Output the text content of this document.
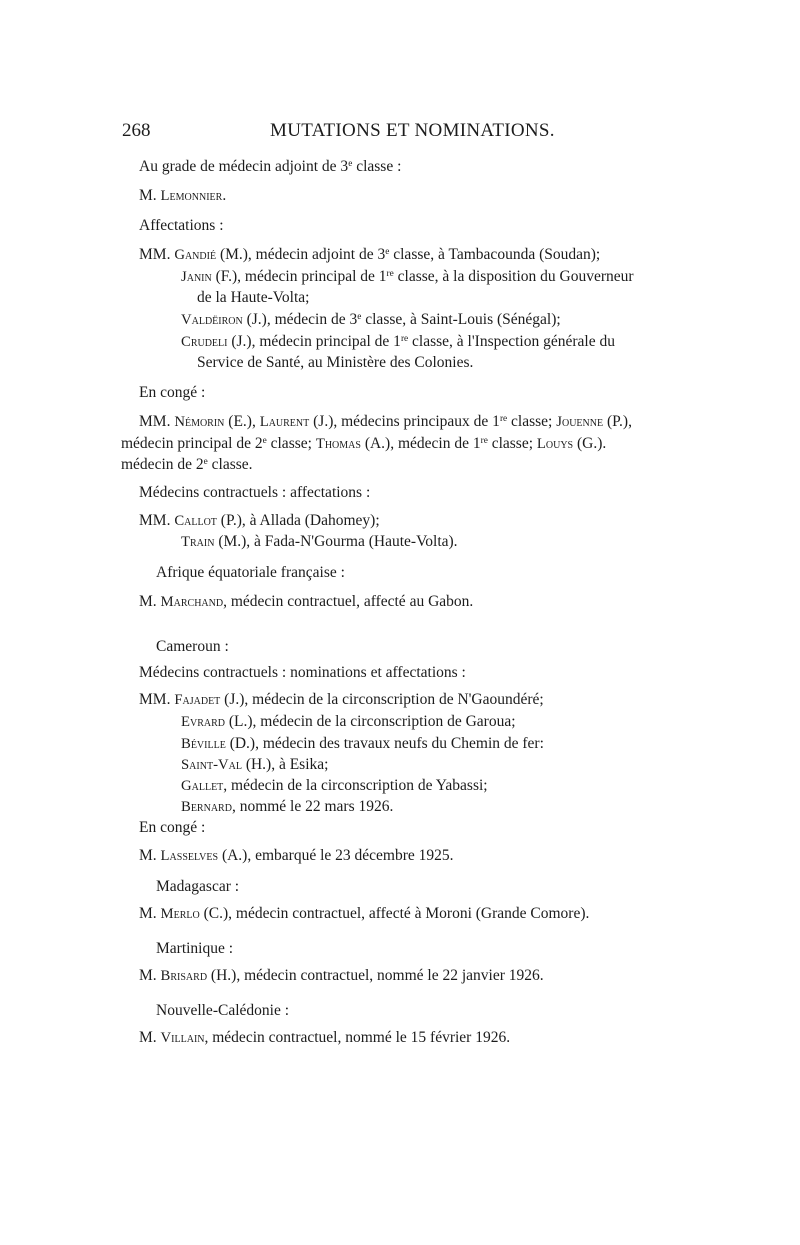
268	MUTATIONS ET NOMINATIONS.
Au grade de médecin adjoint de 3e classe :
M. Lemonnier.
Affectations :
MM. Gandié (M.), médecin adjoint de 3e classe, à Tambacounda (Soudan);
Janin (F.), médecin principal de 1re classe, à la disposition du Gouverneur
de la Haute-Volta;
Valdëiron (J.), médecin de 3e classe, à Saint-Louis (Sénégal);
Crudeli (J.), médecin principal de 1re classe, à l'Inspection générale du
Service de Santé, au Ministère des Colonies.
En congé :
MM. Némorin (E.), Laurent (J.), médecins principaux de 1re classe; Jouenne (P.),
médecin principal de 2e classe; Thomas (A.), médecin de 1re classe; Louys (G.).
médecin de 2e classe.
Médecins contractuels : affectations :
MM. Callot (P.), à Allada (Dahomey);
Train (M.), à Fada-N'Gourma (Haute-Volta).
Afrique équatoriale française :
M. Marchand, médecin contractuel, affecté au Gabon.
Cameroun :
Médecins contractuels : nominations et affectations :
MM. Fajadet (J.), médecin de la circonscription de N'Gaoundéré;
Evrard (L.), médecin de la circonscription de Garoua;
Béville (D.), médecin des travaux neufs du Chemin de fer:
Saint-Val (H.), à Esika;
Gallet, médecin de la circonscription de Yabassi;
Bernard, nommé le 22 mars 1926.
En congé :
M. Lasselves (A.), embarqué le 23 décembre 1925.
Madagascar :
M. Merlo (C.), médecin contractuel, affecté à Moroni (Grande Comore).
Martinique :
M. Brisard (H.), médecin contractuel, nommé le 22 janvier 1926.
Nouvelle-Calédonie :
M. Villain, médecin contractuel, nommé le 15 février 1926.
